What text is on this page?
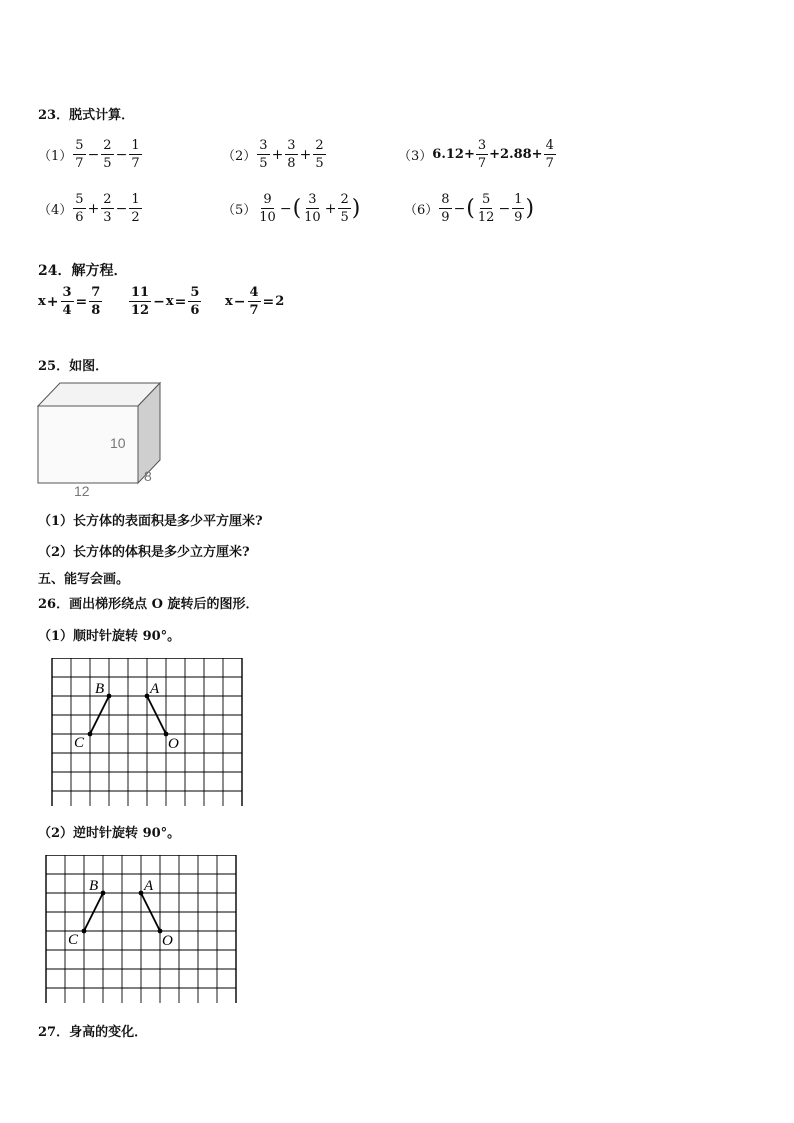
23．脱式计算．
$(1) \frac{5}{7} - \frac{2}{5} - \frac{1}{7}$	$(2) \frac{3}{5} + \frac{3}{8} + \frac{2}{5}$	（3） $6.12+ \frac{3}{7} +2.88+ \frac{4}{7}$
$(4) \frac{5}{6} + \frac{2}{3} - \frac{1}{2}$	$(5) \frac{9}{10}$ − ( $\frac{3}{10} + \frac{2}{5}$ )	$(6) \frac{8}{9}$ − ( $\frac{5}{12} - \frac{1}{9}$ )
24．解方程．
$x + \frac{3}{4} = \frac{7}{8} \frac{11}{12} - x = \frac{5}{6}$ $x - \frac{4}{7} = 2$
25．如图．
10
8
12
（1）长方体的表面积是多少平方厘米?
（2）长方体的体积是多少立方厘米?
五、能写会画。
26．画出梯形绕点 O 旋转后的图形．
（1）顺时针旋转 90°。
B	A
C	O
（2）逆时针旋转 90°。
B	A
C	O
27．身高的变化．
